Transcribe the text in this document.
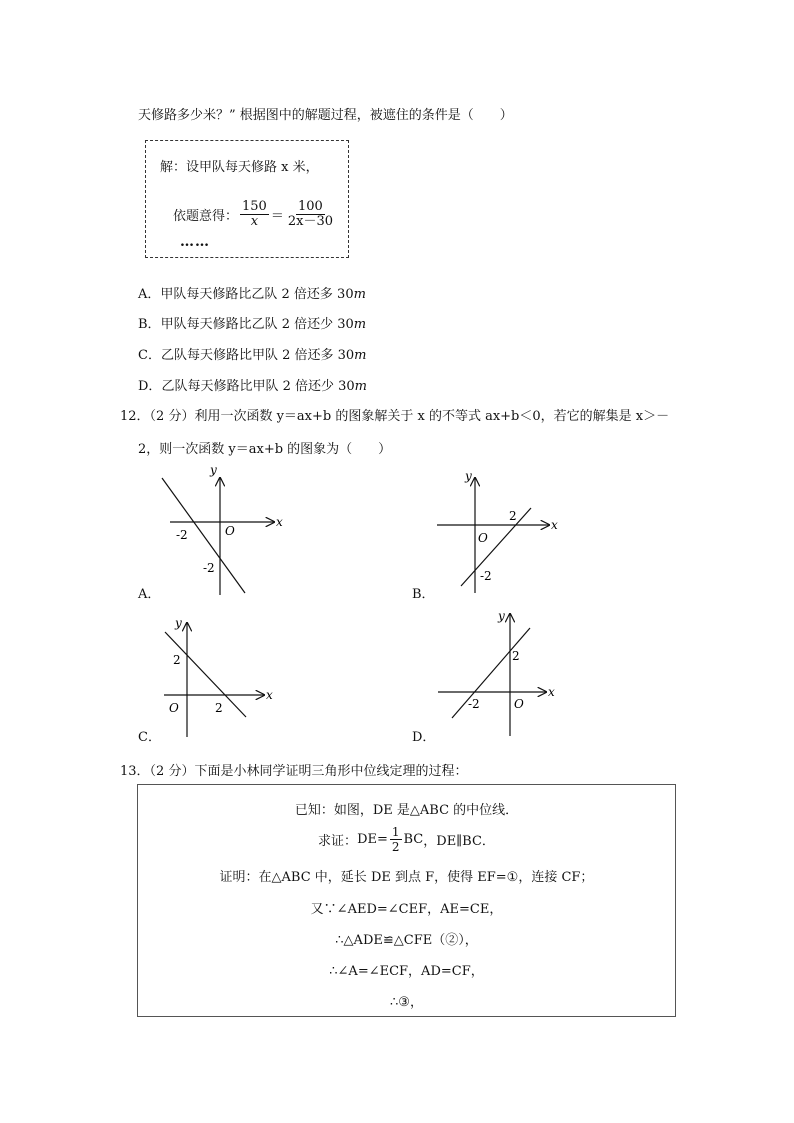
天修路多少米？” 根据图中的解题过程，被遮住的条件是（　　）
解：设甲队每天修路 x 米，
依题意得： $\frac{150}{x} = \frac{100}{2x-30}$
……
A．甲队每天修路比乙队 2 倍还多 30m
B．甲队每天修路比乙队 2 倍还少 30m
C．乙队每天修路比甲队 2 倍还多 30m
D．乙队每天修路比甲队 2 倍还少 30m
12．（2 分）利用一次函数 y＝ax+b 的图象解关于 x 的不等式 ax+b＜0，若它的解集是 x＞－
2，则一次函数 y＝ax+b 的图象为（　　）
x
y
O
-2
-2
A．
x
y
O
2
-2
B．
x
y
O	2
2
C．
x
y
O
-2
2
D．
13．（2 分）下面是小林同学证明三角形中位线定理的过程：
已知：如图，DE 是△ABC 的中位线．
求证： $DE= \frac{1}{2}$ BC ，DE∥BC．
证明：在△ABC 中，延长 DE 到点 F，使得 EF=①，连接 CF；
又∵∠AED=∠CEF，AE=CE，
∴△ADE≌△CFE（②），
∴∠A=∠ECF，AD=CF，
∴③，
